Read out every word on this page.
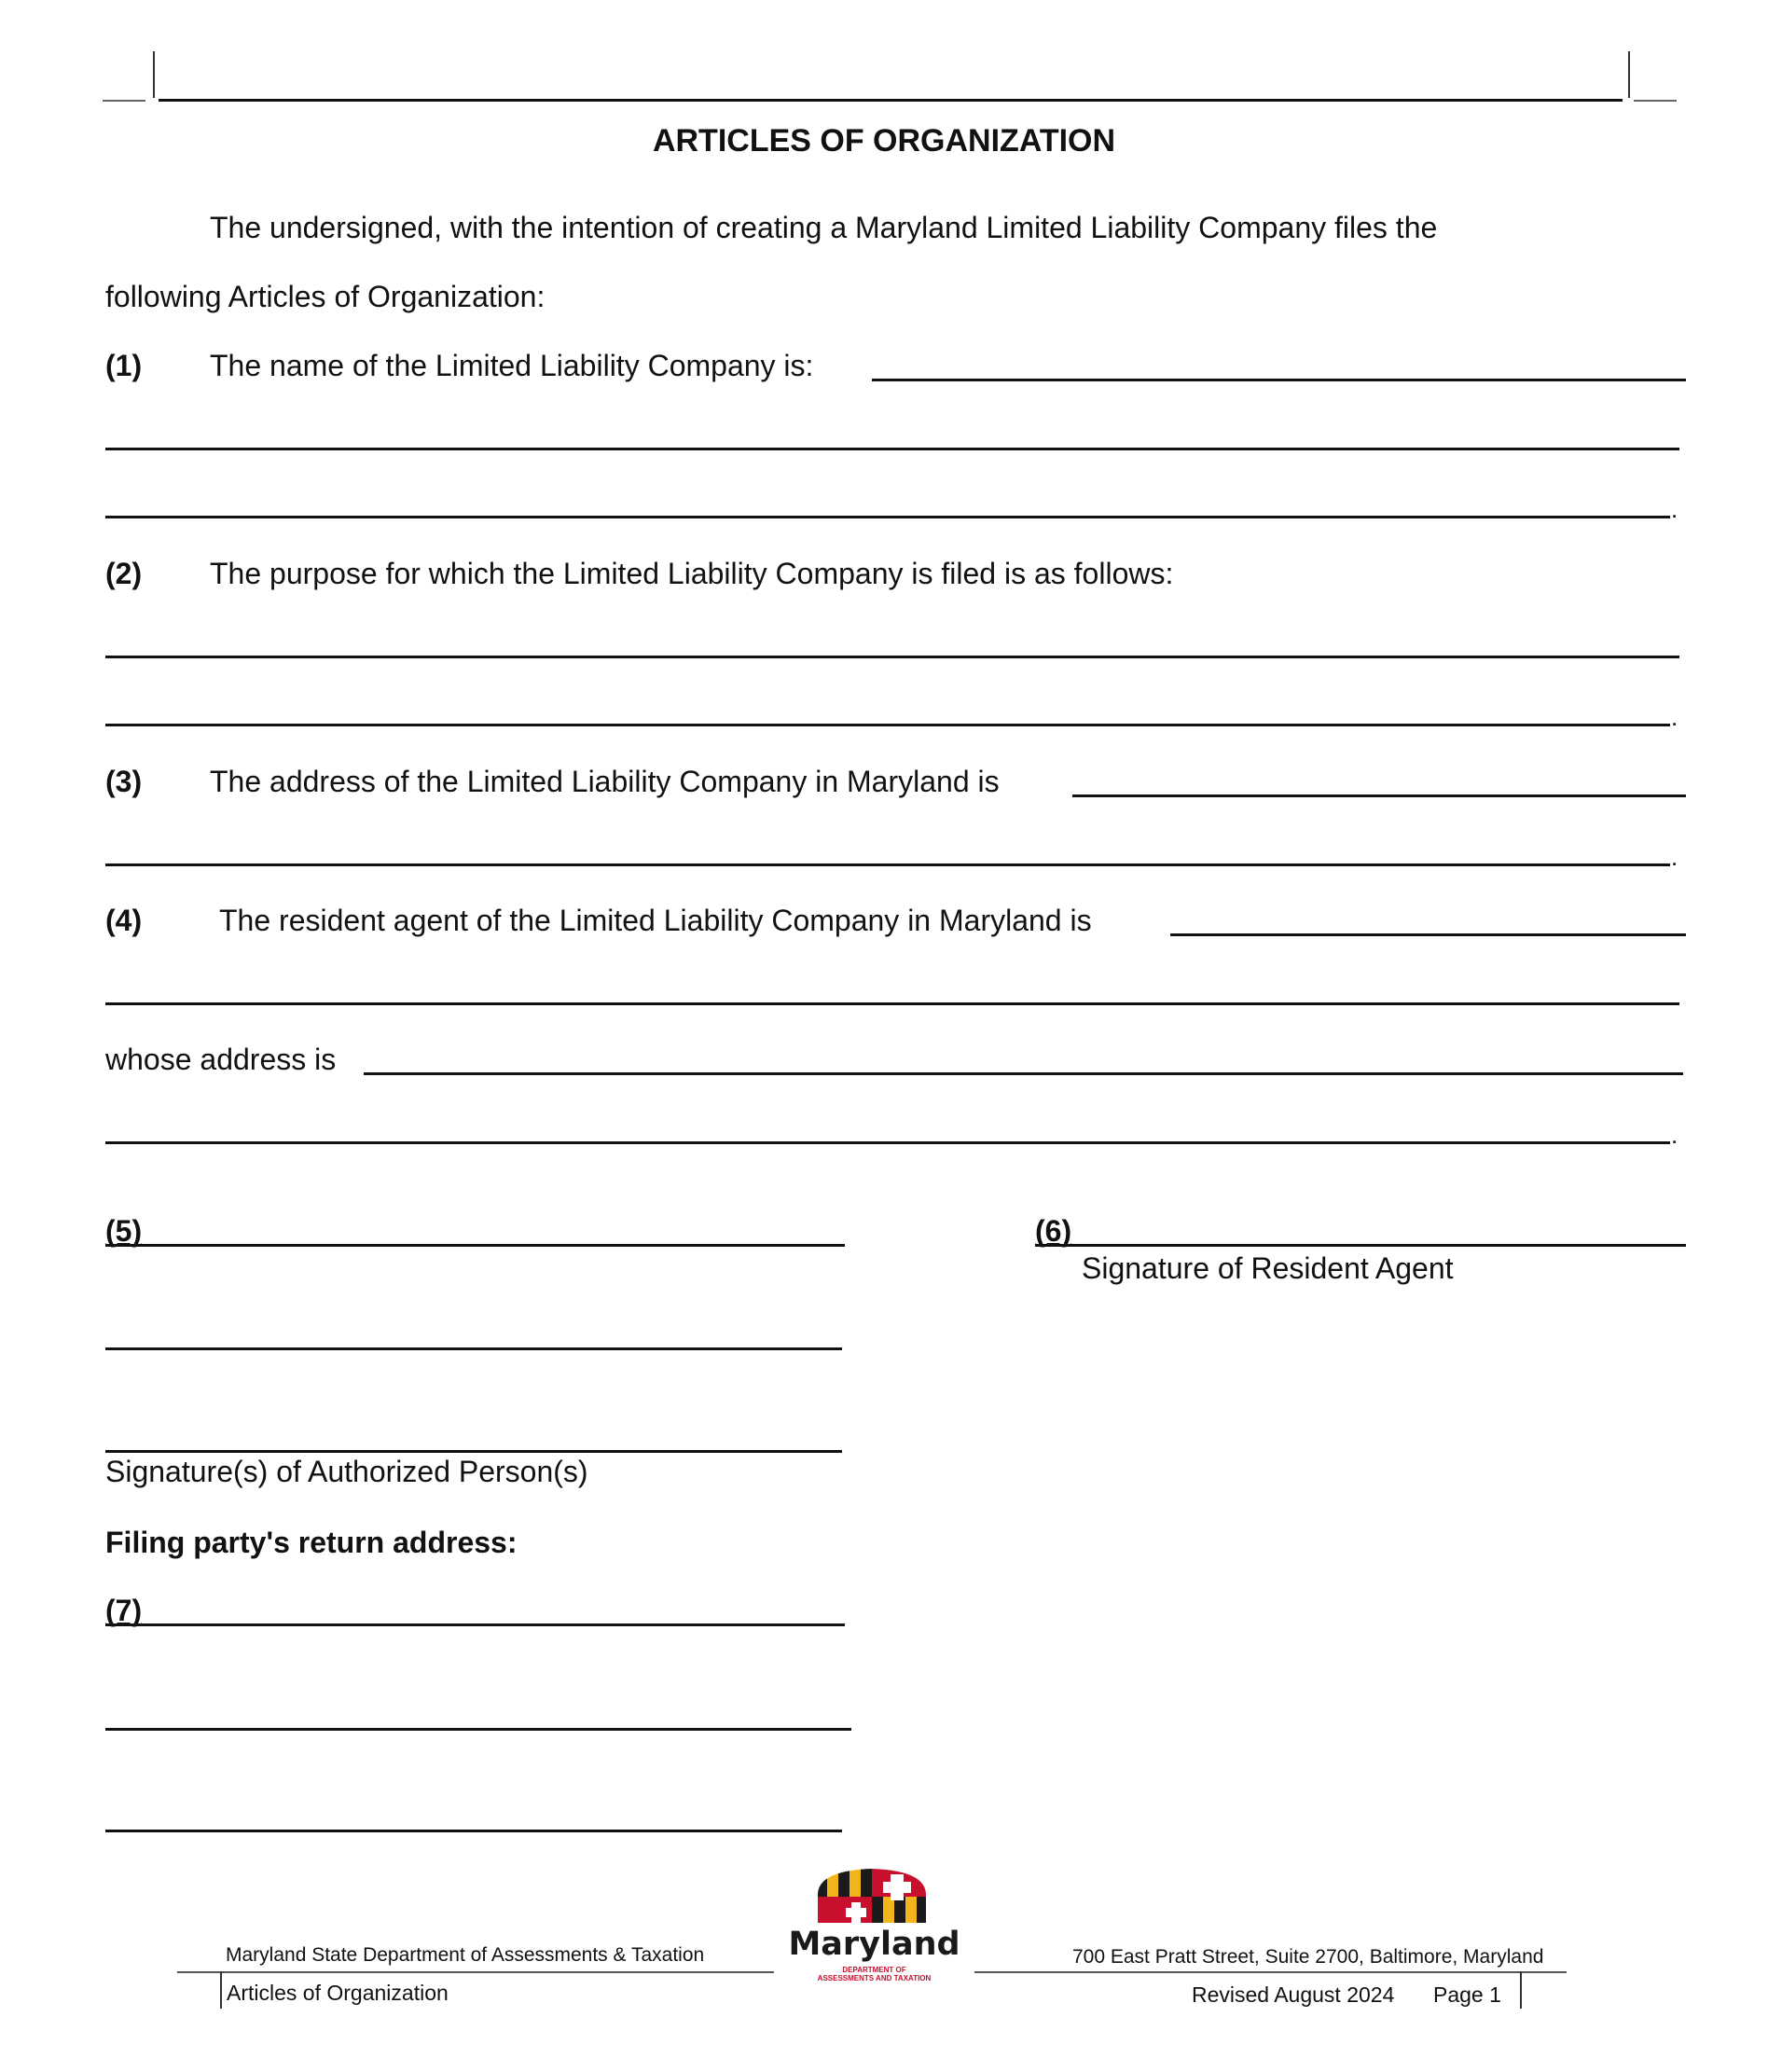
ARTICLES OF ORGANIZATION
The undersigned, with the intention of creating a Maryland Limited Liability Company files the
following Articles of Organization:
(1) The name of the Limited Liability Company is:
.
(2) The purpose for which the Limited Liability Company is filed is as follows:
.
(3) The address of the Limited Liability Company in Maryland is
.
(4)	The resident agent of the Limited Liability Company in Maryland is
whose address is
.
(5)
Signature(s) of Authorized Person(s)
(6)
Signature of Resident Agent
Filing party's return address:
(7)
Maryland State Department of Assessments & Taxation	700 East Pratt Street, Suite 2700, Baltimore, Maryland
Articles of Organization	Revised August 2024 Page 1
Maryland
DEPARTMENT OF
ASSESSMENTS AND TAXATION
